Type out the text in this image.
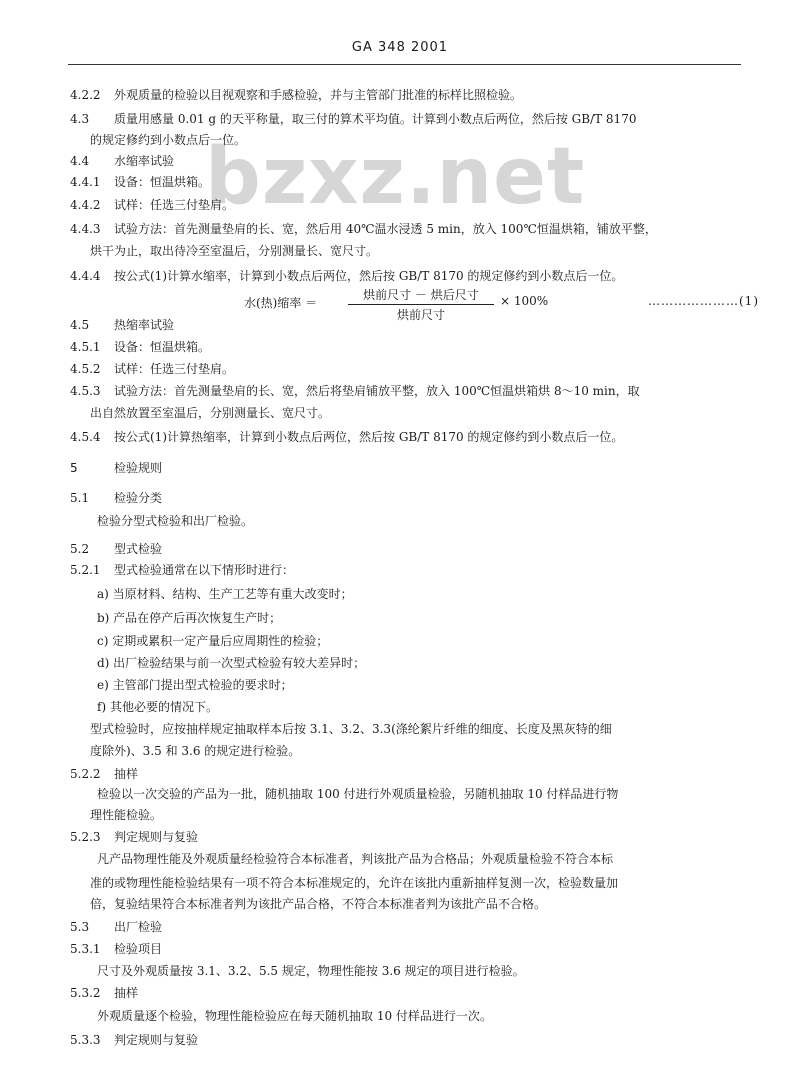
GA 348 2001
bzxz.net
水(热)缩率 ＝
烘前尺寸 － 烘后尺寸
烘前尺寸
× 100%	…………………(1)
4.2.2 外观质量的检验以目视观察和手感检验，并与主管部门批准的标样比照检验。
4.3 质量用感量 0.01 g 的天平称量，取三付的算术平均值。计算到小数点后两位，然后按 GB/T 8170
的规定修约到小数点后一位。
4.4 水缩率试验
4.4.1 设备：恒温烘箱。
4.4.2 试样：任选三付垫肩。
4.4.3 试验方法：首先测量垫肩的长、宽，然后用 40℃温水浸透 5 min，放入 100℃恒温烘箱，铺放平整，
烘干为止，取出待冷至室温后，分别测量长、宽尺寸。
4.4.4 按公式(1)计算水缩率，计算到小数点后两位，然后按 GB/T 8170 的规定修约到小数点后一位。
4.5 热缩率试验
4.5.1 设备：恒温烘箱。
4.5.2 试样：任选三付垫肩。
4.5.3 试验方法：首先测量垫肩的长、宽，然后将垫肩铺放平整，放入 100℃恒温烘箱烘 8～10 min，取
出自然放置至室温后，分别测量长、宽尺寸。
4.5.4 按公式(1)计算热缩率，计算到小数点后两位，然后按 GB/T 8170 的规定修约到小数点后一位。
5	检验规则
5.1 检验分类
检验分型式检验和出厂检验。
5.2 型式检验
5.2.1 型式检验通常在以下情形时进行：
a) 当原材料、结构、生产工艺等有重大改变时；
b) 产品在停产后再次恢复生产时；
c) 定期或累积一定产量后应周期性的检验；
d) 出厂检验结果与前一次型式检验有较大差异时；
e) 主管部门提出型式检验的要求时；
f) 其他必要的情况下。
型式检验时，应按抽样规定抽取样本后按 3.1、3.2、3.3(涤纶絮片纤维的细度、长度及黑灰特的细
度除外)、3.5 和 3.6 的规定进行检验。
5.2.2 抽样
检验以一次交验的产品为一批，随机抽取 100 付进行外观质量检验，另随机抽取 10 付样品进行物
理性能检验。
5.2.3 判定规则与复验
凡产品物理性能及外观质量经检验符合本标准者，判该批产品为合格品；外观质量检验不符合本标
准的或物理性能检验结果有一项不符合本标准规定的，允许在该批内重新抽样复测一次，检验数量加
倍，复验结果符合本标准者判为该批产品合格，不符合本标准者判为该批产品不合格。
5.3 出厂检验
5.3.1 检验项目
尺寸及外观质量按 3.1、3.2、5.5 规定，物理性能按 3.6 规定的项目进行检验。
5.3.2 抽样
外观质量逐个检验，物理性能检验应在每天随机抽取 10 付样品进行一次。
5.3.3 判定规则与复验
